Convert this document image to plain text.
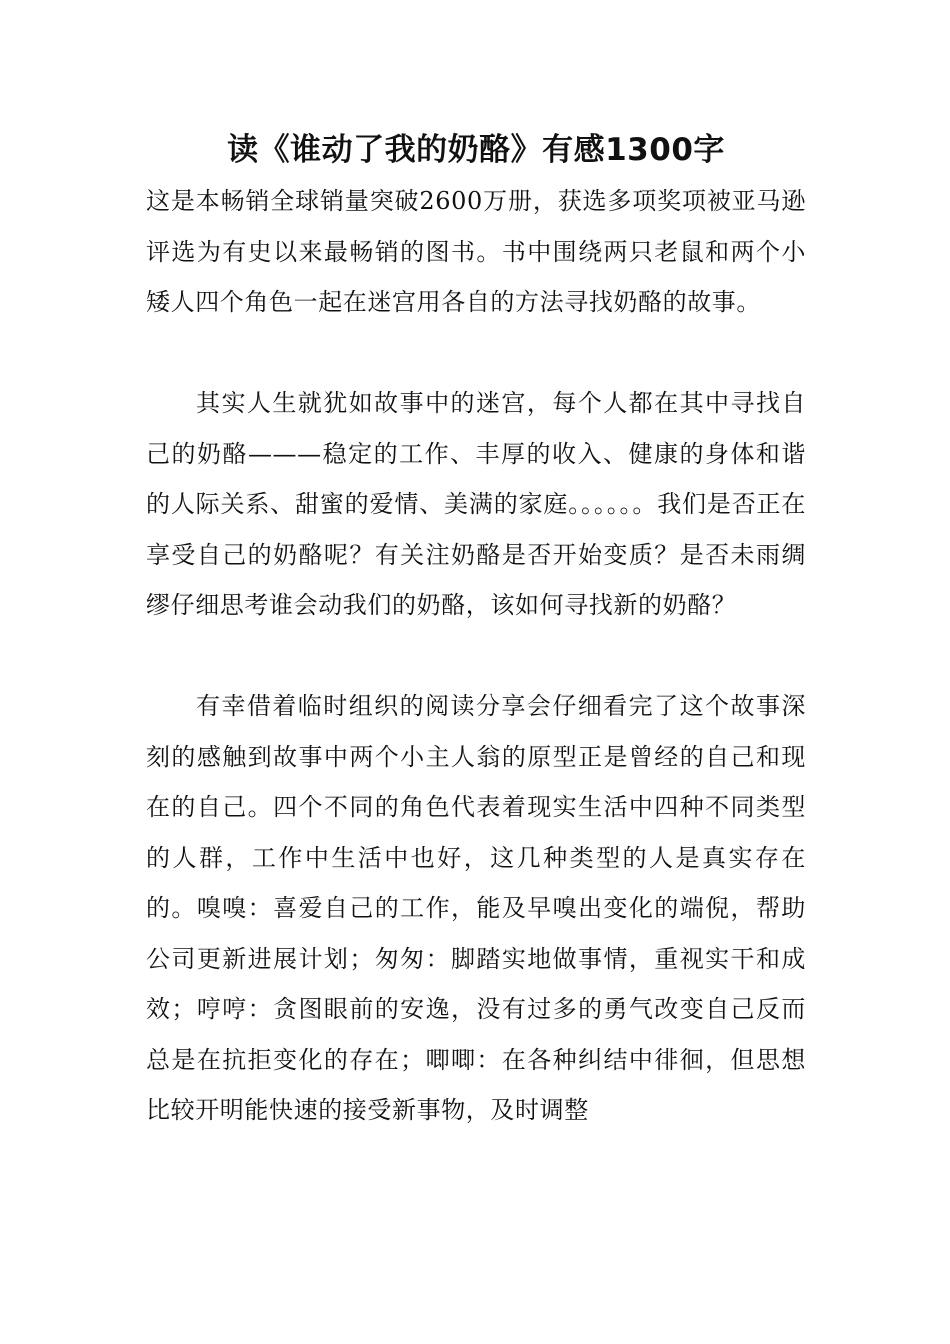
读《谁动了我的奶酪》有感1300字

这是本畅销全球销量突破2600万册，获选多项奖项被亚马逊评选为有史以来最畅销的图书。书中围绕两只老鼠和两个小矮人四个角色一起在迷宫用各自的方法寻找奶酪的故事。

其实人生就犹如故事中的迷宫，每个人都在其中寻找自己的奶酪———稳定的工作、丰厚的收入、健康的身体和谐的人际关系、甜蜜的爱情、美满的家庭。。。。。。我们是否正在享受自己的奶酪呢？有关注奶酪是否开始变质？是否未雨绸缪仔细思考谁会动我们的奶酪，该如何寻找新的奶酪？

有幸借着临时组织的阅读分享会仔细看完了这个故事深刻的感触到故事中两个小主人翁的原型正是曾经的自己和现在的自己。四个不同的角色代表着现实生活中四种不同类型的人群，工作中生活中也好，这几种类型的人是真实存在的。嗅嗅：喜爱自己的工作，能及早嗅出变化的端倪，帮助公司更新进展计划；匆匆：脚踏实地做事情，重视实干和成效；哼哼：贪图眼前的安逸，没有过多的勇气改变自己反而总是在抗拒变化的存在；唧唧：在各种纠结中徘徊，但思想比较开明能快速的接受新事物，及时调整
